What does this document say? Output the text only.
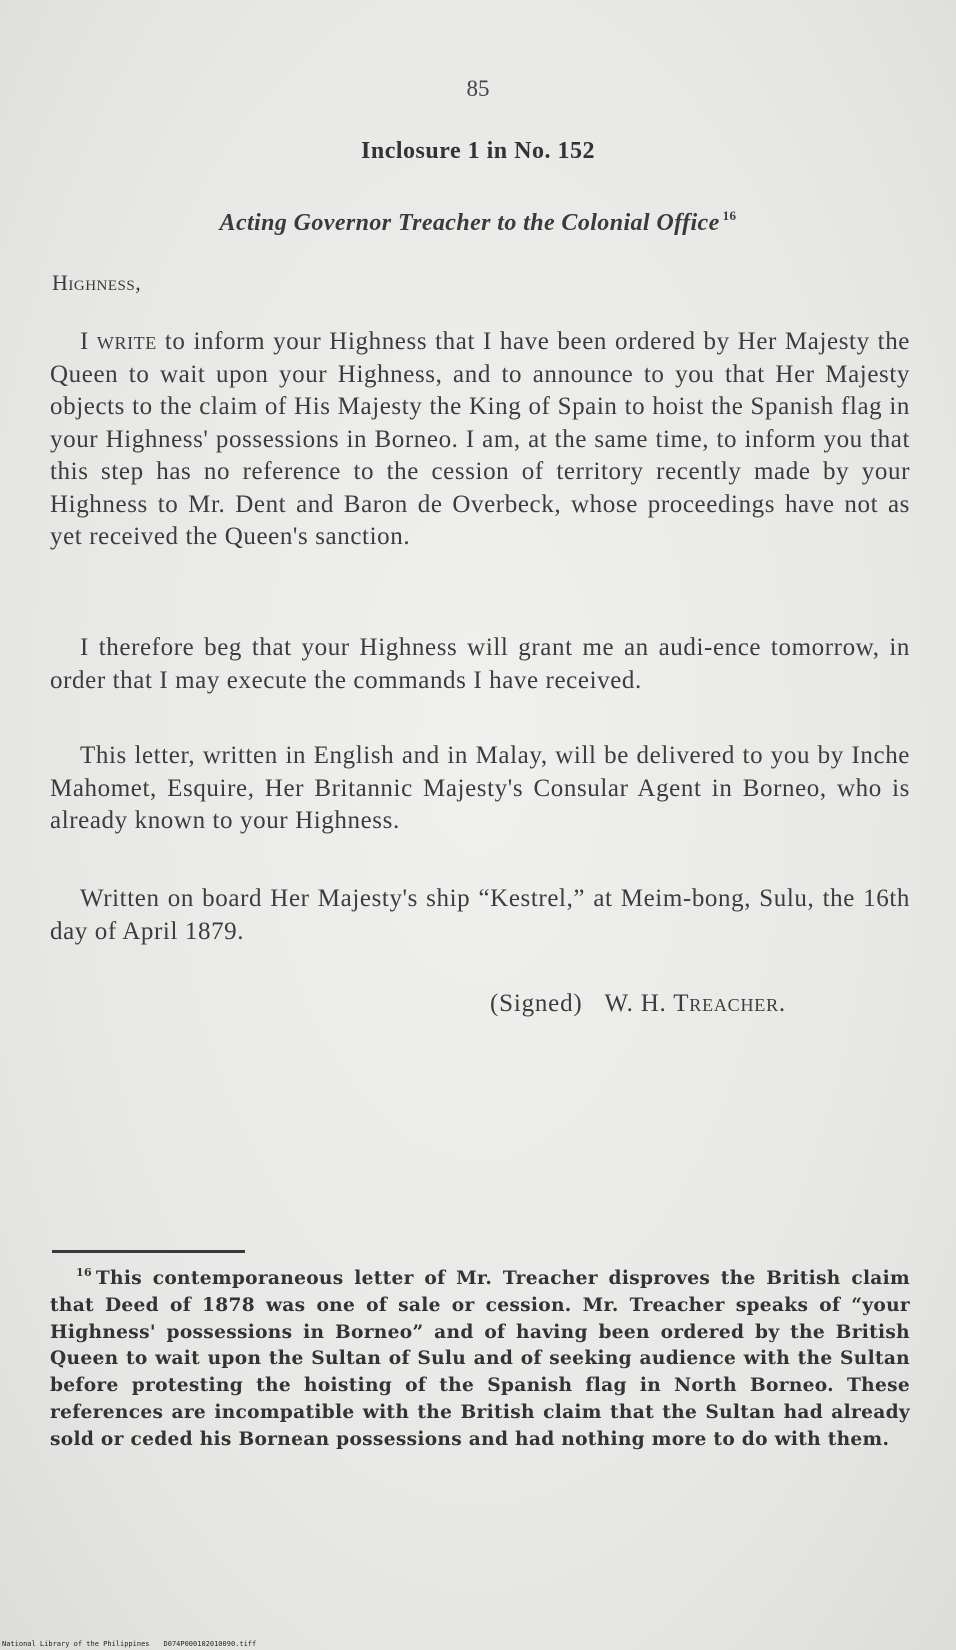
85
Inclosure 1 in No. 152
Acting Governor Treacher to the Colonial Office $^{16}$
Highness,

I write to inform your Highness that I have been ordered by Her Majesty the Queen to wait upon your Highness, and to announce to you that Her Majesty objects to the claim of His Majesty the King of Spain to hoist the Spanish flag in your Highness' possessions in Borneo. I am, at the same time, to inform you that this step has no reference to the cession of territory recently made by your Highness to Mr. Dent and Baron de Overbeck, whose proceedings have not as yet received the Queen's sanction.

I therefore beg that your Highness will grant me an audi-ence tomorrow, in order that I may execute the commands I have received.

This letter, written in English and in Malay, will be delivered to you by Inche Mahomet, Esquire, Her Britannic Majesty's Consular Agent in Borneo, who is already known to your Highness.

Written on board Her Majesty's ship “Kestrel,” at Meim-bong, Sulu, the 16th day of April 1879.

(Signed) W. H. Treacher.

$^{16}$ This contemporaneous letter of Mr. Treacher disproves the British claim that Deed of 1878 was one of sale or cession. Mr. Treacher speaks of “your Highness' possessions in Borneo” and of having been ordered by the British Queen to wait upon the Sultan of Sulu and of seeking audience with the Sultan before protesting the hoisting of the Spanish flag in North Borneo. These references are incompatible with the British claim that the Sultan had already sold or ceded his Bornean possessions and had nothing more to do with them.

National Library of the Philippines D074P000102010090.tiff
